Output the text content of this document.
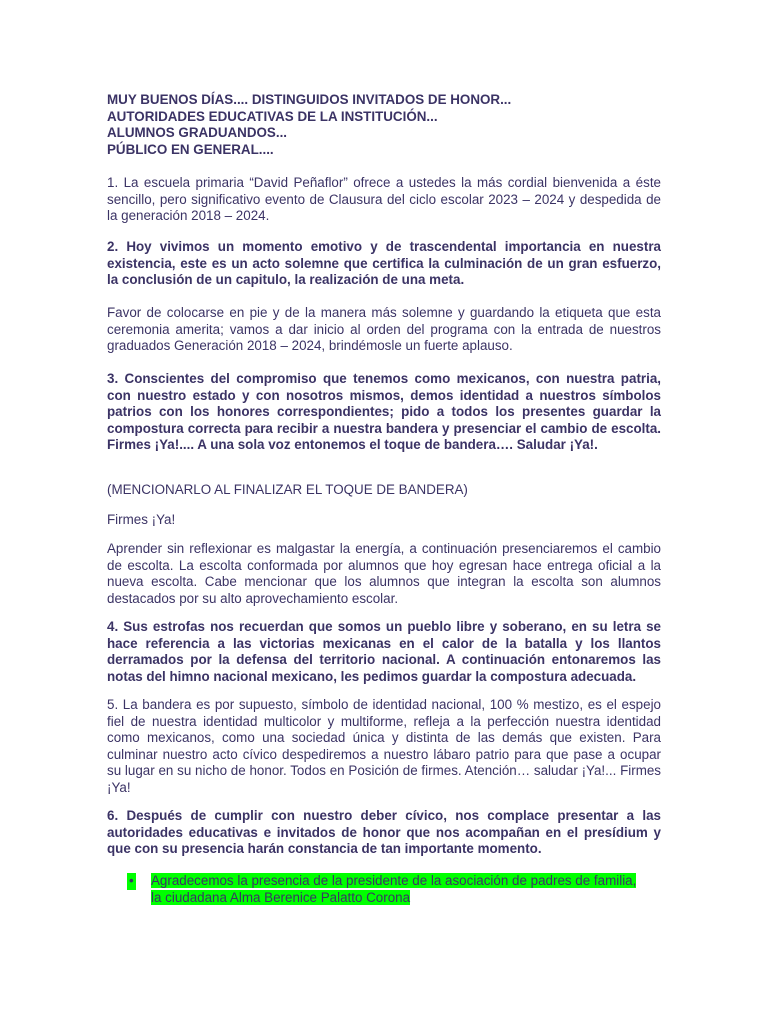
MUY BUENOS DÍAS.... DISTINGUIDOS INVITADOS DE HONOR...
AUTORIDADES EDUCATIVAS DE LA INSTITUCIÓN...
ALUMNOS GRADUANDOS...
PÚBLICO EN GENERAL....

1. La escuela primaria “David Peñaflor” ofrece a ustedes la más cordial bienvenida a éste sencillo, pero significativo evento de Clausura del ciclo escolar 2023 – 2024 y despedida de la generación 2018 – 2024.

2. Hoy vivimos un momento emotivo y de trascendental importancia en nuestra existencia, este es un acto solemne que certifica la culminación de un gran esfuerzo, la conclusión de un capitulo, la realización de una meta.

Favor de colocarse en pie y de la manera más solemne y guardando la etiqueta que esta ceremonia amerita; vamos a dar inicio al orden del programa con la entrada de nuestros graduados Generación 2018 – 2024, brindémosle un fuerte aplauso.

3. Conscientes del compromiso que tenemos como mexicanos, con nuestra patria, con nuestro estado y con nosotros mismos, demos identidad a nuestros símbolos patrios con los honores correspondientes; pido a todos los presentes guardar la compostura correcta para recibir a nuestra bandera y presenciar el cambio de escolta. Firmes ¡Ya!.... A una sola voz entonemos el toque de bandera…. Saludar ¡Ya!.

(MENCIONARLO AL FINALIZAR EL TOQUE DE BANDERA)

Firmes ¡Ya!

Aprender sin reflexionar es malgastar la energía, a continuación presenciaremos el cambio de escolta. La escolta conformada por alumnos que hoy egresan hace entrega oficial a la nueva escolta. Cabe mencionar que los alumnos que integran la escolta son alumnos destacados por su alto aprovechamiento escolar.

4. Sus estrofas nos recuerdan que somos un pueblo libre y soberano, en su letra se hace referencia a las victorias mexicanas en el calor de la batalla y los llantos derramados por la defensa del territorio nacional. A continuación entonaremos las notas del himno nacional mexicano, les pedimos guardar la compostura adecuada.

5. La bandera es por supuesto, símbolo de identidad nacional, 100 % mestizo, es el espejo fiel de nuestra identidad multicolor y multiforme, refleja a la perfección nuestra identidad como mexicanos, como una sociedad única y distinta de las demás que existen. Para culminar nuestro acto cívico despediremos a nuestro lábaro patrio para que pase a ocupar su lugar en su nicho de honor. Todos en Posición de firmes. Atención… saludar ¡Ya!... Firmes ¡Ya!

6. Después de cumplir con nuestro deber cívico, nos complace presentar a las autoridades educativas e invitados de honor que nos acompañan en el presídium y que con su presencia harán constancia de tan importante momento.

• Agradecemos la presencia de la presidente de la asociación de padres de familia,
la ciudadana Alma Berenice Palatto Corona
